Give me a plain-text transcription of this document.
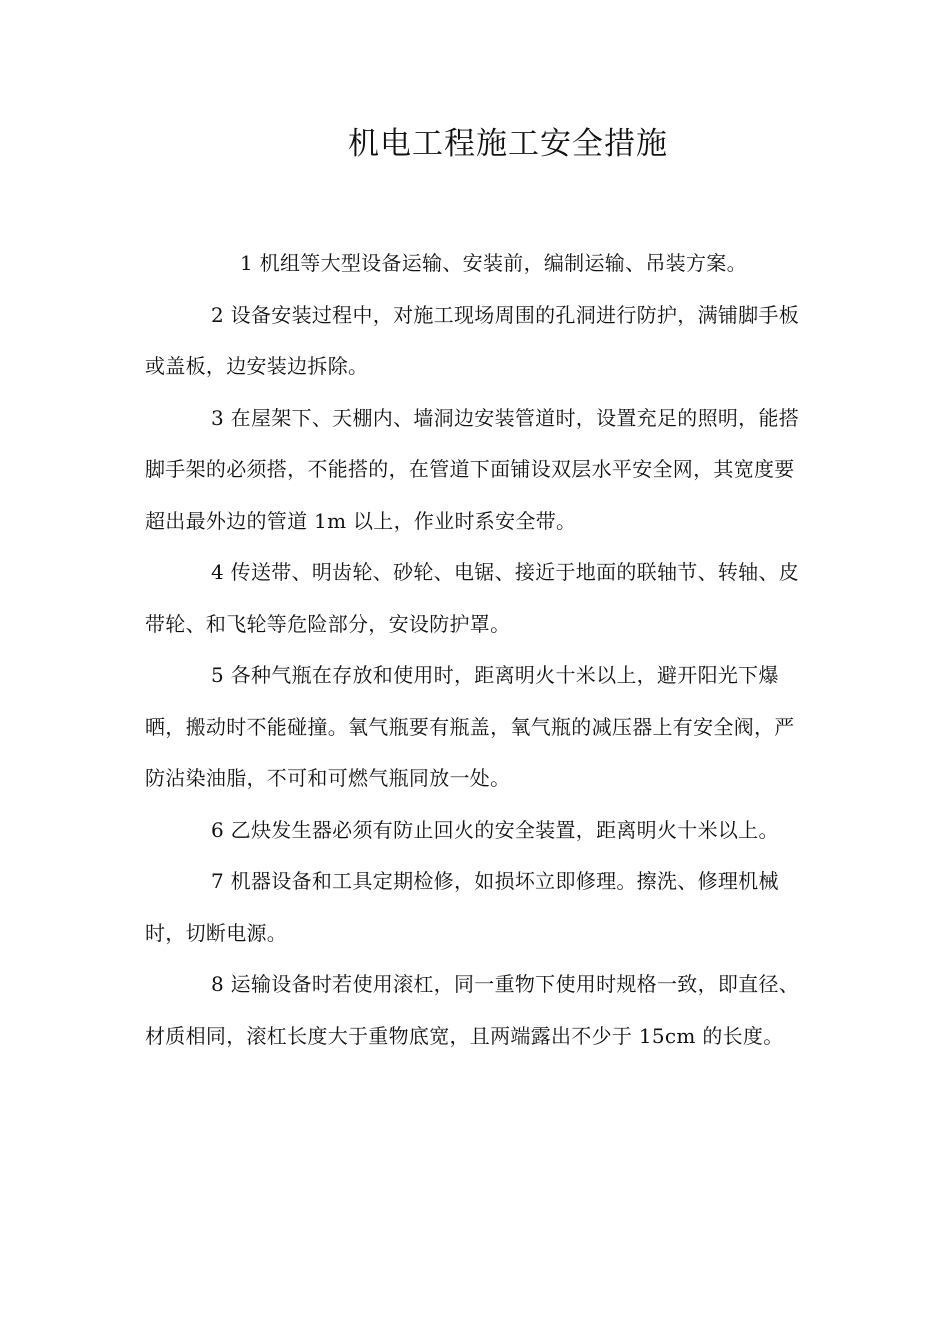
机电工程施工安全措施

1 机组等大型设备运输、安装前，编制运输、吊装方案。

2 设备安装过程中，对施工现场周围的孔洞进行防护，满铺脚手板或盖板，边安装边拆除。

3 在屋架下、天棚内、墙洞边安装管道时，设置充足的照明，能搭脚手架的必须搭，不能搭的，在管道下面铺设双层水平安全网，其宽度要超出最外边的管道 1m 以上，作业时系安全带。

4 传送带、明齿轮、砂轮、电锯、接近于地面的联轴节、转轴、皮带轮、和飞轮等危险部分，安设防护罩。

5 各种气瓶在存放和使用时，距离明火十米以上，避开阳光下爆晒，搬动时不能碰撞。氧气瓶要有瓶盖，氧气瓶的减压器上有安全阀，严防沾染油脂，不可和可燃气瓶同放一处。

6 乙炔发生器必须有防止回火的安全装置，距离明火十米以上。

7 机器设备和工具定期检修，如损坏立即修理。擦洗、修理机械时，切断电源。

8 运输设备时若使用滚杠，同一重物下使用时规格一致，即直径、材质相同，滚杠长度大于重物底宽，且两端露出不少于 15cm 的长度。
